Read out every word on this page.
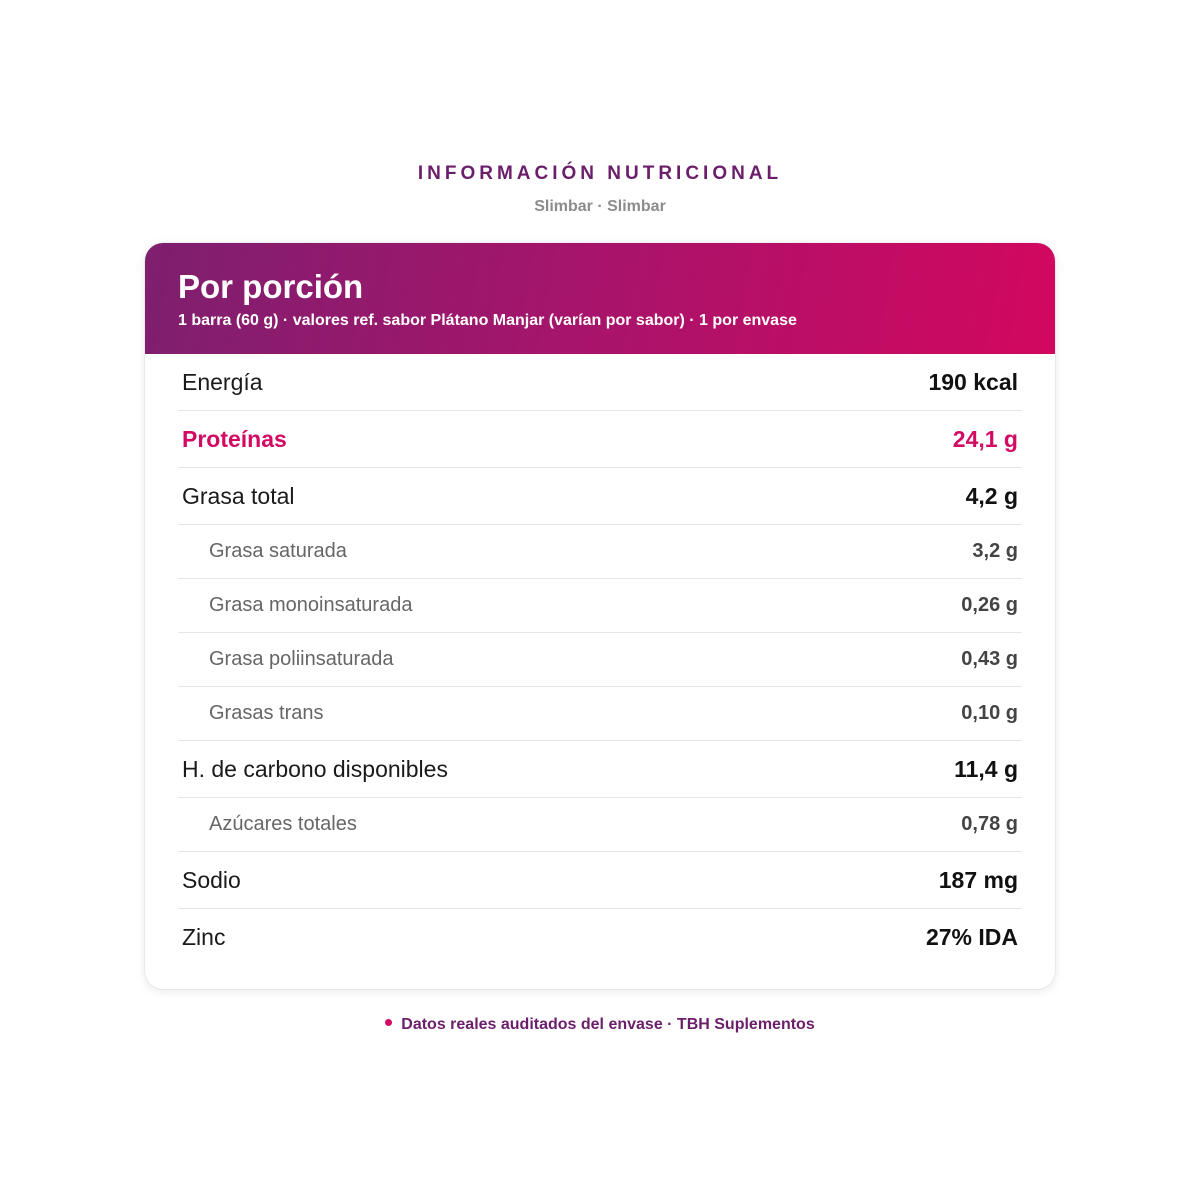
INFORMACIÓN NUTRICIONAL
Slimbar · Slimbar
Por porción
1 barra (60 g) · valores ref. sabor Plátano Manjar (varían por sabor) · 1 por envase
Energía	190 kcal
Proteínas	24,1 g
Grasa total	4,2 g
Grasa saturada	3,2 g
Grasa monoinsaturada	0,26 g
Grasa poliinsaturada	0,43 g
Grasas trans	0,10 g
H. de carbono disponibles	11,4 g
Azúcares totales	0,78 g
Sodio	187 mg
Zinc	27% IDA
Datos reales auditados del envase · TBH Suplementos
